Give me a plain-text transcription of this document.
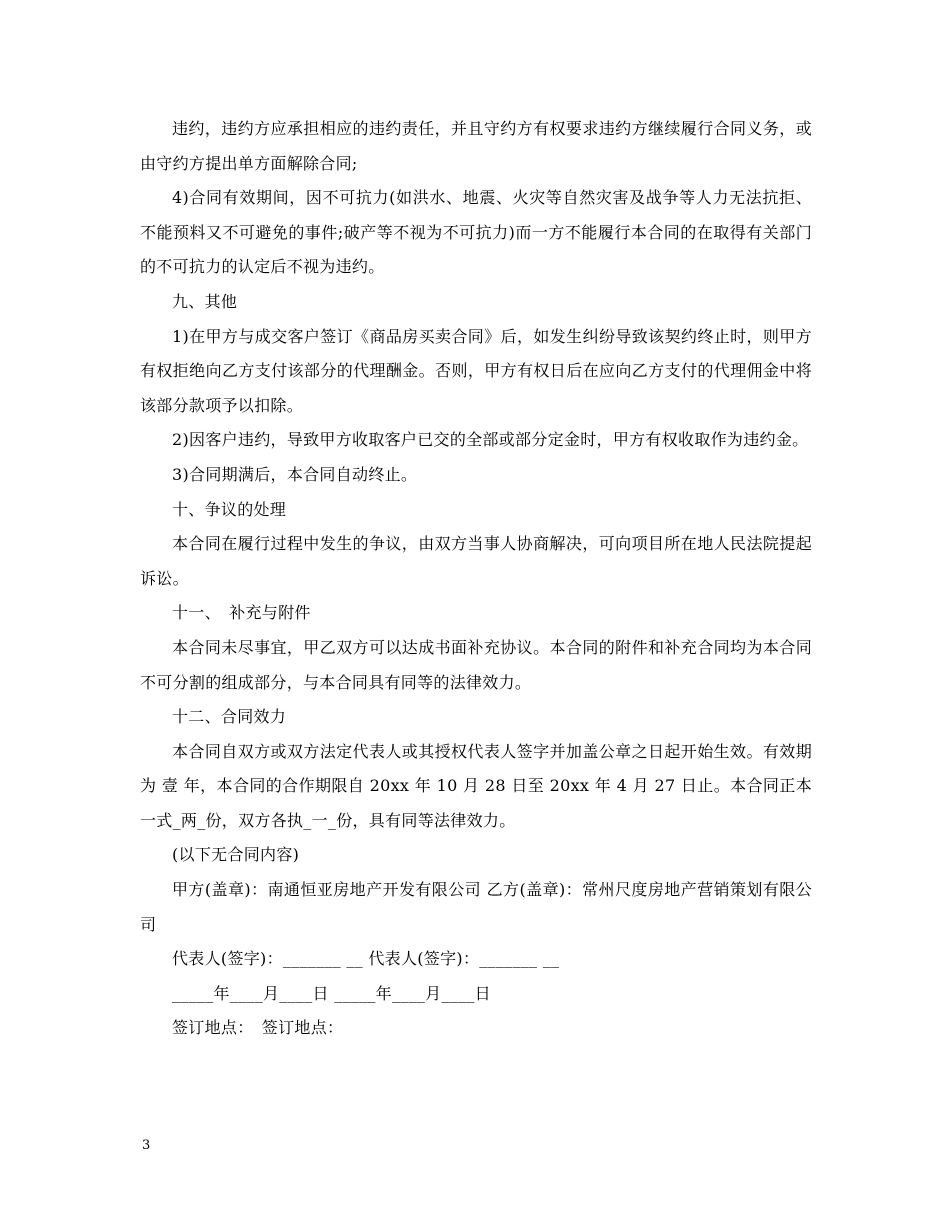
违约，违约方应承担相应的违约责任，并且守约方有权要求违约方继续履行合同义务，或由守约方提出单方面解除合同;

4)合同有效期间，因不可抗力(如洪水、地震、火灾等自然灾害及战争等人力无法抗拒、不能预料又不可避免的事件;破产等不视为不可抗力)而一方不能履行本合同的在取得有关部门的不可抗力的认定后不视为违约。

九、其他

1)在甲方与成交客户签订《商品房买卖合同》后，如发生纠纷导致该契约终止时，则甲方有权拒绝向乙方支付该部分的代理酬金。否则，甲方有权日后在应向乙方支付的代理佣金中将该部分款项予以扣除。

2)因客户违约，导致甲方收取客户已交的全部或部分定金时，甲方有权收取作为违约金。

3)合同期满后，本合同自动终止。

十、争议的处理

本合同在履行过程中发生的争议，由双方当事人协商解决，可向项目所在地人民法院提起诉讼。

十一、　补充与附件

本合同未尽事宜，甲乙双方可以达成书面补充协议。本合同的附件和补充合同均为本合同不可分割的组成部分，与本合同具有同等的法律效力。

十二、合同效力

本合同自双方或双方法定代表人或其授权代表人签字并加盖公章之日起开始生效。有效期为 壹 年，本合同的合作期限自 20xx 年 10 月 28 日至 20xx 年 4 月 27 日止。本合同正本一式_两_份，双方各执_一_份，具有同等法律效力。

(以下无合同内容)

甲方(盖章)：南通恒亚房地产开发有限公司 乙方(盖章)：常州尺度房地产营销策划有限公司

代表人(签字)：_______ __ 代表人(签字)：_______ __

_____年____月____日 _____年____月____日

签订地点：　签订地点：

3
